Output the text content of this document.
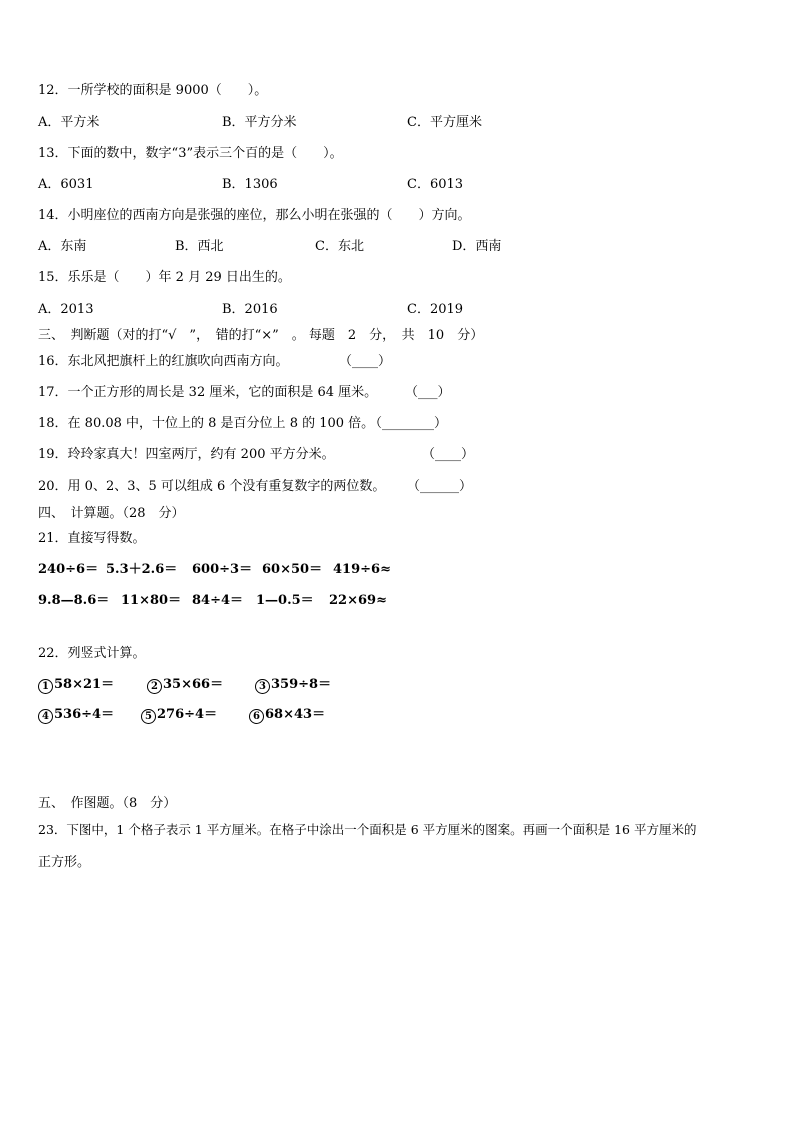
12．一所学校的面积是 9000（　　）。
A．平方米	B．平方分米	C．平方厘米
13．下面的数中，数字“3”表示三个百的是（　　）。
A．6031	B．1306	C．6013
14．小明座位的西南方向是张强的座位，那么小明在张强的（　　）方向。
A．东南	B．西北	C．东北	D．西南
15．乐乐是（　　）年 2 月 29 日出生的。
A．2013	B．2016	C．2019
三、　判断题（对的打“√　”，　错的打“×”　。 每题　2　分，　共　10　分）
16．东北风把旗杆上的红旗吹向西南方向。	（____）
17．一个正方形的周长是 32 厘米，它的面积是 64 厘米。 （___）
18．在 80.08 中，十位上的 8 是百分位上 8 的 100 倍。
（________）
19．玲玲家真大！四室两厅，约有 200 平方分米。	（____）
20．用 0、2、3、5 可以组成 6 个没有重复数字的两位数。 （______）
四、　计算题。（28　分）
21．直接写得数。
240÷6＝ 5.3＋2.6＝ 600÷3＝ 60×50＝ 419÷6≈
9.8—8.6＝ 11×80＝ 84÷4＝ 1—0.5＝ 22×69≈
22．列竖式计算。
1 58×21＝	2 35×66＝	3 359÷8＝
4 536÷4＝	5 276÷4＝	6 68×43＝
五、　作图题。（8　分）
23．下图中，1 个格子表示 1 平方厘米。在格子中涂出一个面积是 6 平方厘米的图案。再画一个面积是 16 平方厘米的
正方形。
